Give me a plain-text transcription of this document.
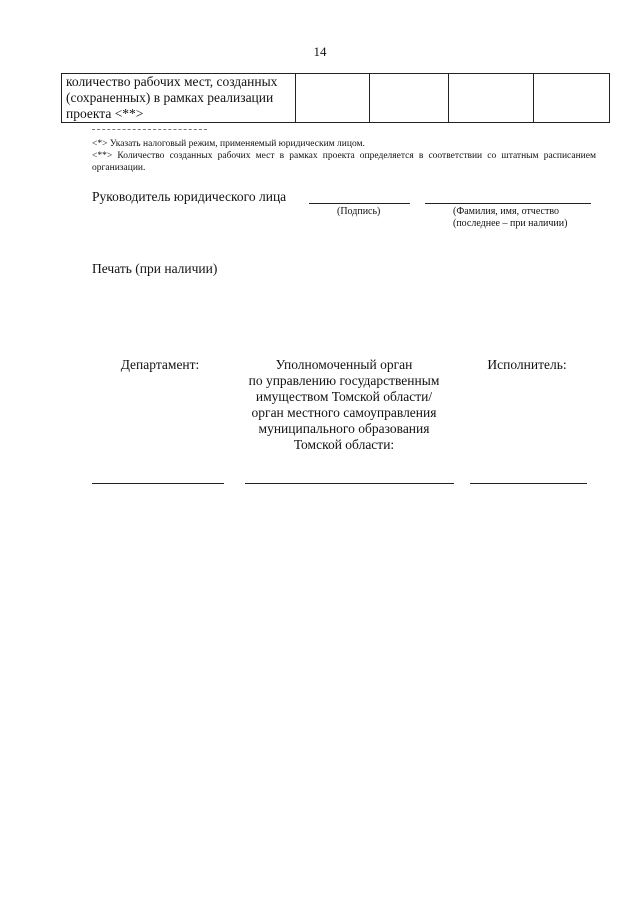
14
количество рабочих мест, созданных (сохраненных) в рамках реализации проекта <**>				
<*> Указать налоговый режим, применяемый юридическим лицом.
<**> Количество созданных рабочих мест в рамках проекта определяется в соответствии со штатным расписанием организации.
Руководитель юридического лица
(Подпись)	(Фамилия, имя, отчество
(последнее – при наличии)
Печать (при наличии)
Департамент:	Уполномоченный орган
по управлению государственным
имуществом Томской области/
орган местного самоуправления
муниципального образования
Томской области:
Исполнитель:
